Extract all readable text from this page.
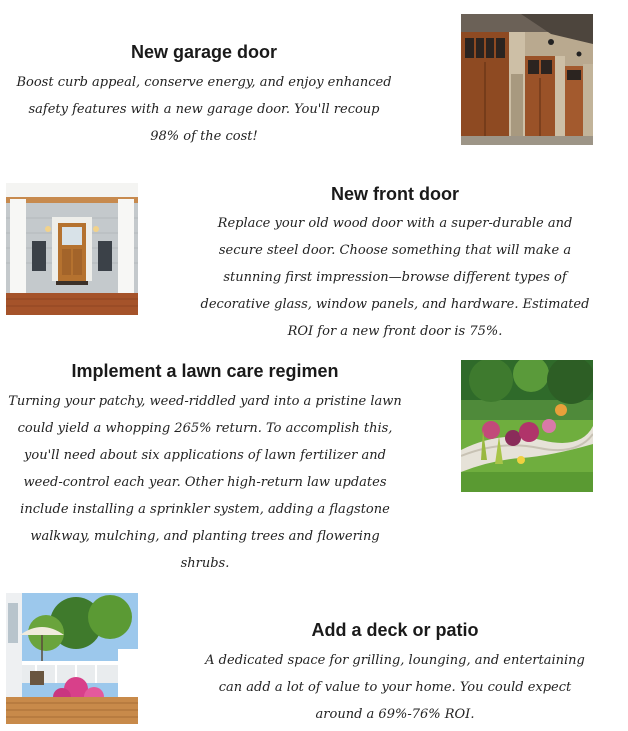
New garage door
Boost curb appeal, conserve energy, and enjoy enhanced safety features with a new garage door. You'll recoup 98% of the cost!
New front door
Replace your old wood door with a super-durable and secure steel door. Choose something that will make a stunning first impression—browse different types of decorative glass, window panels, and hardware. Estimated ROI for a new front door is 75%.
Implement a lawn care regimen
Turning your patchy, weed-riddled yard into a pristine lawn could yield a whopping 265% return. To accomplish this, you'll need about six applications of lawn fertilizer and weed-control each year. Other high-return law updates include installing a sprinkler system, adding a flagstone walkway, mulching, and planting trees and flowering shrubs.
Add a deck or patio
A dedicated space for grilling, lounging, and entertaining can add a lot of value to your home. You could expect around a 69%-76% ROI.
